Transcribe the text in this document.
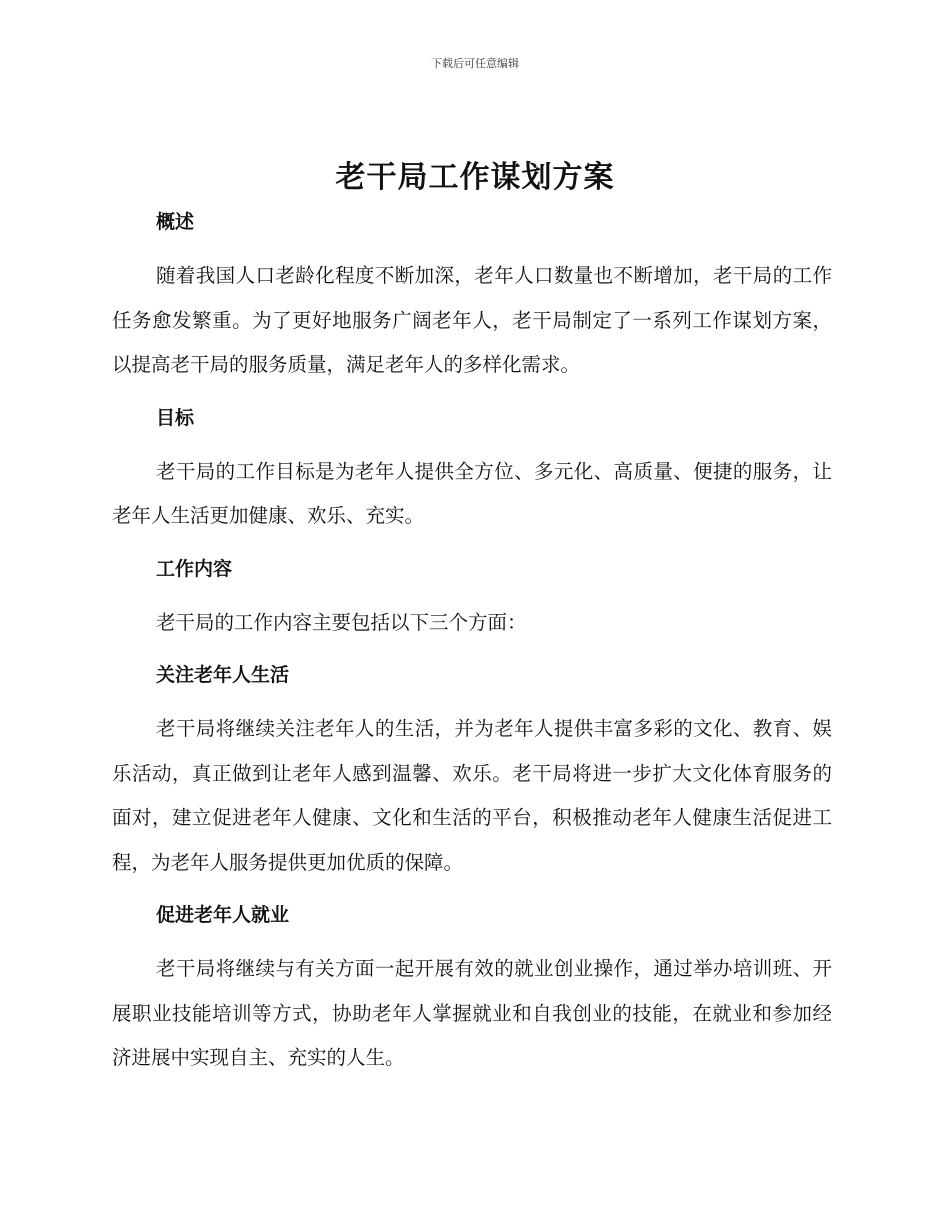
下载后可任意编辑
老干局工作谋划方案
概述

随着我国人口老龄化程度不断加深，老年人口数量也不断增加，老干局的工作任务愈发繁重。为了更好地服务广阔老年人，老干局制定了一系列工作谋划方案，以提高老干局的服务质量，满足老年人的多样化需求。

目标

老干局的工作目标是为老年人提供全方位、多元化、高质量、便捷的服务，让老年人生活更加健康、欢乐、充实。

工作内容

老干局的工作内容主要包括以下三个方面：

关注老年人生活

老干局将继续关注老年人的生活，并为老年人提供丰富多彩的文化、教育、娱乐活动，真正做到让老年人感到温馨、欢乐。老干局将进一步扩大文化体育服务的面对，建立促进老年人健康、文化和生活的平台，积极推动老年人健康生活促进工程，为老年人服务提供更加优质的保障。

促进老年人就业

老干局将继续与有关方面一起开展有效的就业创业操作，通过举办培训班、开展职业技能培训等方式，协助老年人掌握就业和自我创业的技能，在就业和参加经济进展中实现自主、充实的人生。
